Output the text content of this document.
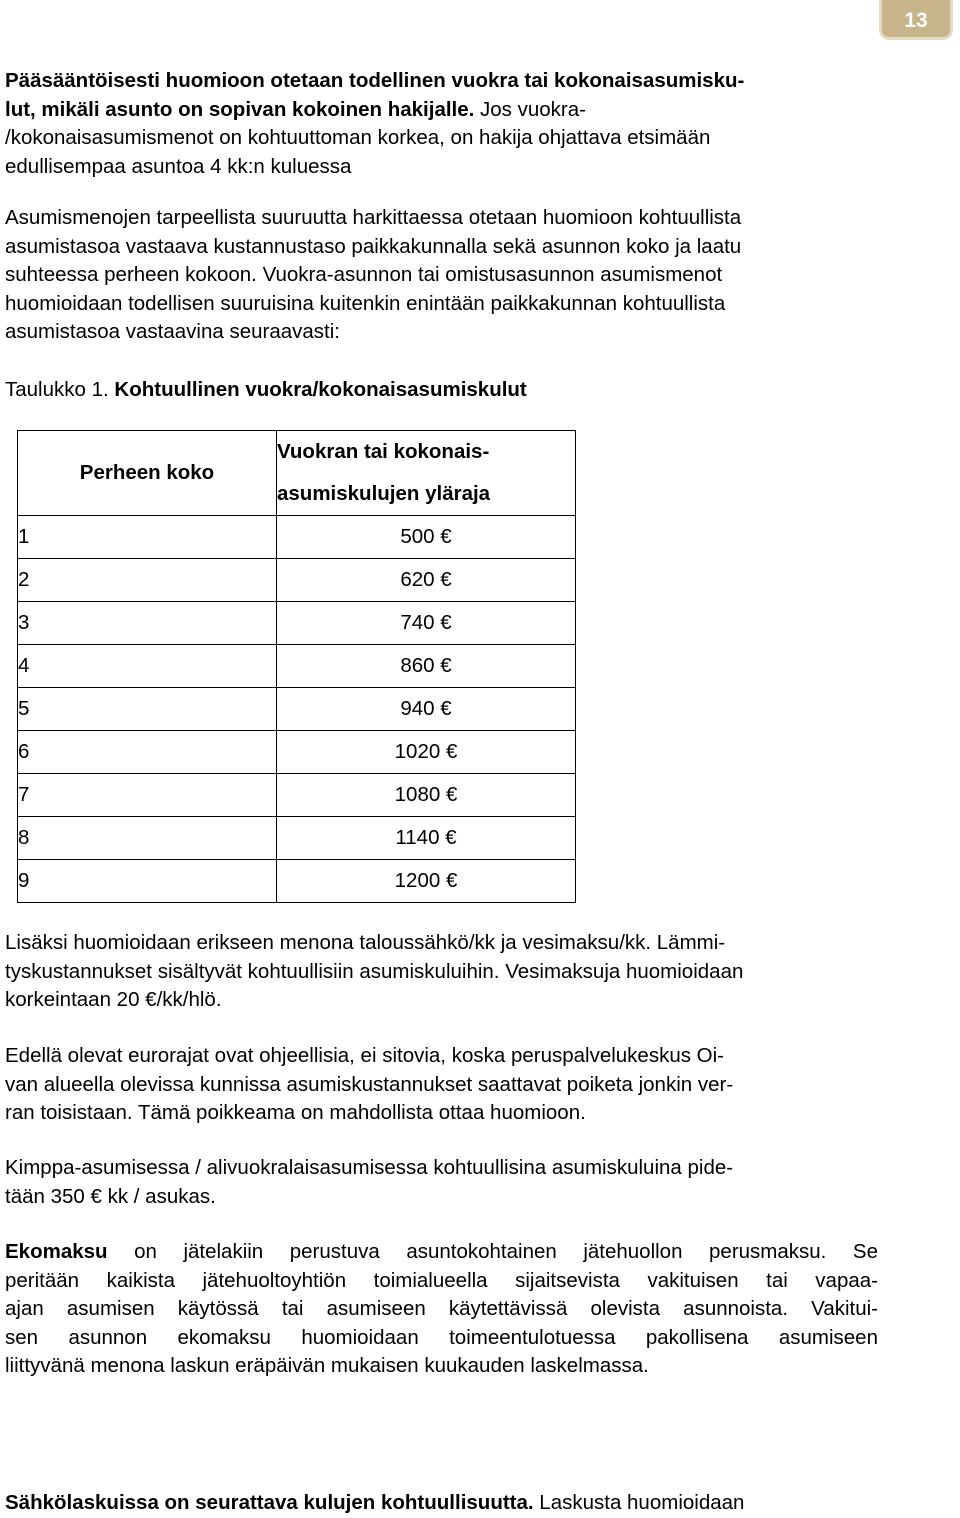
13

Pääsääntöisesti huomioon otetaan todellinen vuokra tai kokonaisasumisku-
lut, mikäli asunto on sopivan kokoinen hakijalle. Jos vuokra-
/kokonaisasumismenot on kohtuuttoman korkea, on hakija ohjattava etsimään
edullisempaa asuntoa 4 kk:n kuluessa

Asumismenojen tarpeellista suuruutta harkittaessa otetaan huomioon kohtuullista
asumistasoa vastaava kustannustaso paikkakunnalla sekä asunnon koko ja laatu
suhteessa perheen kokoon. Vuokra-asunnon tai omistusasunnon asumismenot
huomioidaan todellisen suuruisina kuitenkin enintään paikkakunnan kohtuullista
asumistasoa vastaavina seuraavasti:

Taulukko 1. Kohtuullinen vuokra/kokonaisasumiskulut
Perheen koko	Vuokran tai kokonais-
asumiskulujen yläraja

1	500 €
2	620 €
3	740 €
4	860 €
5	940 €
6	1020 €
7	1080 €
8	1140 €
9	1200 €

Lisäksi huomioidaan erikseen menona taloussähkö/kk ja vesimaksu/kk. Lämmi-
tyskustannukset sisältyvät kohtuullisiin asumiskuluihin. Vesimaksuja huomioidaan
korkeintaan 20 €/kk/hlö.

Edellä olevat eurorajat ovat ohjeellisia, ei sitovia, koska peruspalvelukeskus Oi-
van alueella olevissa kunnissa asumiskustannukset saattavat poiketa jonkin ver-
ran toisistaan. Tämä poikkeama on mahdollista ottaa huomioon.

Kimppa-asumisessa / alivuokralaisasumisessa kohtuullisina asumiskuluina pide-
tään 350 € kk / asukas.

Ekomaksu on jätelakiin perustuva asuntokohtainen jätehuollon perusmaksu. Se
peritään kaikista jätehuoltoyhtiön toimialueella sijaitsevista vakituisen tai vapaa-
ajan asumisen käytössä tai asumiseen käytettävissä olevista asunnoista. Vakitui-
sen asunnon ekomaksu huomioidaan toimeentulotuessa pakollisena asumiseen
liittyvänä menona laskun eräpäivän mukaisen kuukauden laskelmassa.

Sähkölaskuissa on seurattava kulujen kohtuullisuutta. Laskusta huomioidaan
